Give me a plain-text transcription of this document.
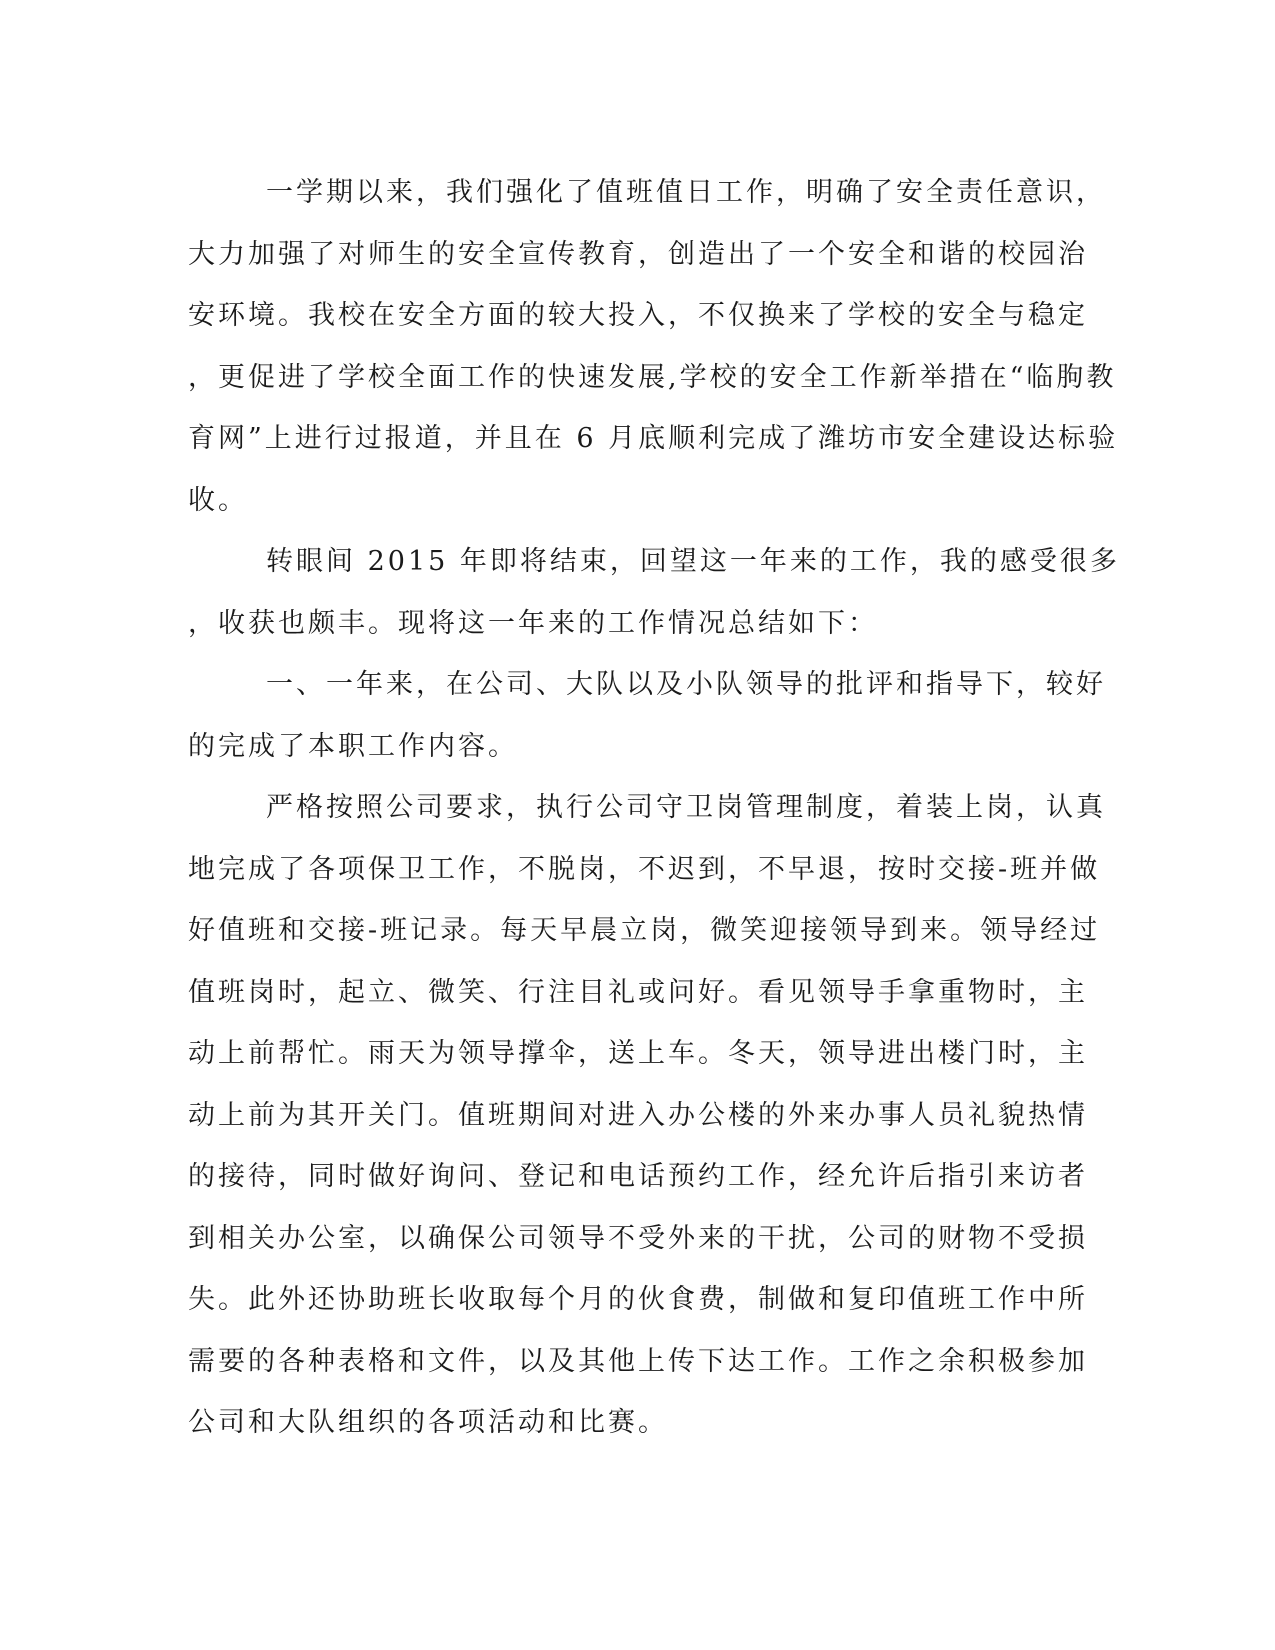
一学期以来，我们强化了值班值日工作，明确了安全责任意识，
大力加强了对师生的安全宣传教育，创造出了一个安全和谐的校园治
安环境。我校在安全方面的较大投入，不仅换来了学校的安全与稳定
，更促进了学校全面工作的快速发展,学校的安全工作新举措在“临朐教
育网”上进行过报道，并且在 6 月底顺利完成了潍坊市安全建设达标验
收。
转眼间 2015 年即将结束，回望这一年来的工作，我的感受很多
，收获也颇丰。现将这一年来的工作情况总结如下：
一、一年来，在公司、大队以及小队领导的批评和指导下，较好
的完成了本职工作内容。
严格按照公司要求，执行公司守卫岗管理制度，着装上岗，认真
地完成了各项保卫工作，不脱岗，不迟到，不早退，按时交接-班并做
好值班和交接-班记录。每天早晨立岗，微笑迎接领导到来。领导经过
值班岗时，起立、微笑、行注目礼或问好。看见领导手拿重物时，主
动上前帮忙。雨天为领导撑伞，送上车。冬天，领导进出楼门时，主
动上前为其开关门。值班期间对进入办公楼的外来办事人员礼貌热情
的接待，同时做好询问、登记和电话预约工作，经允许后指引来访者
到相关办公室，以确保公司领导不受外来的干扰，公司的财物不受损
失。此外还协助班长收取每个月的伙食费，制做和复印值班工作中所
需要的各种表格和文件，以及其他上传下达工作。工作之余积极参加
公司和大队组织的各项活动和比赛。
